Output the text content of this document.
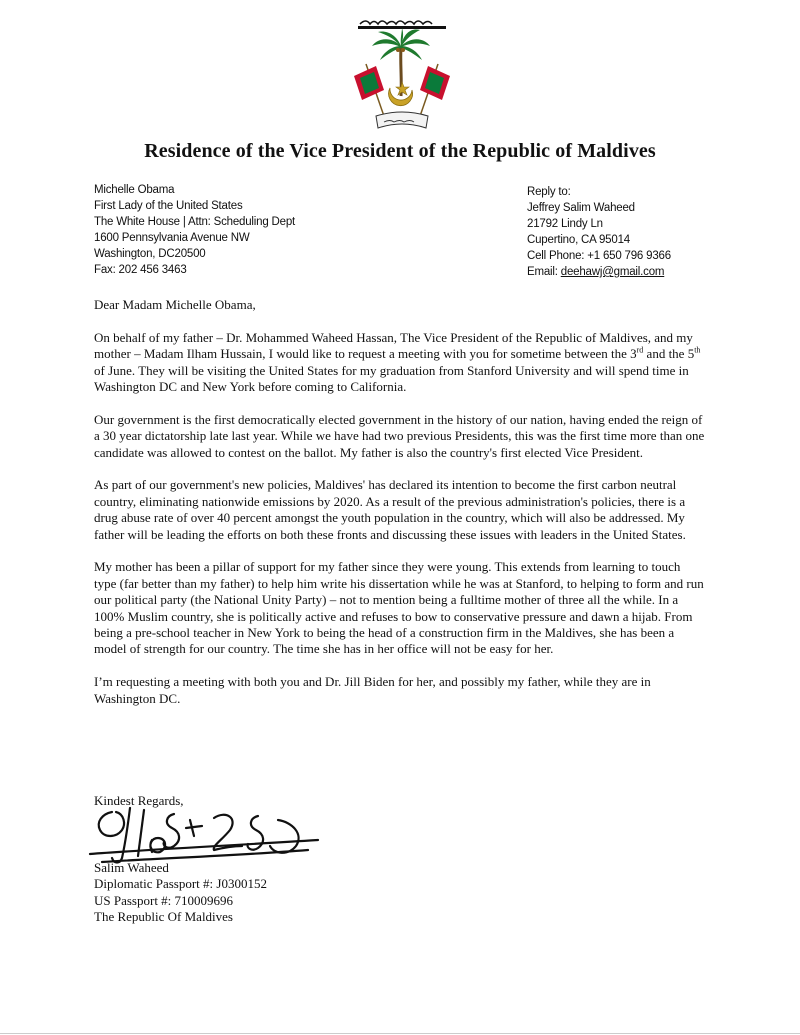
Residence of the Vice President of the Republic of Maldives
Michelle Obama
First Lady of the United States
The White House | Attn: Scheduling Dept
1600 Pennsylvania Avenue NW
Washington, DC20500
Fax: 202 456 3463
Reply to:
Jeffrey Salim Waheed
21792 Lindy Ln
Cupertino, CA 95014
Cell Phone: +1 650 796 9366
Email: deehawj@gmail.com

Dear Madam Michelle Obama,

On behalf of my father – Dr. Mohammed Waheed Hassan, The Vice President of the Republic of Maldives, and my mother – Madam Ilham Hussain, I would like to request a meeting with you for sometime between the 3rd and the 5th of June. They will be visiting the United States for my graduation from Stanford University and will spend time in Washington DC and New York before coming to California.

Our government is the first democratically elected government in the history of our nation, having ended the reign of a 30 year dictatorship late last year. While we have had two previous Presidents, this was the first time more than one candidate was allowed to contest on the ballot. My father is also the country's first elected Vice President.

As part of our government's new policies, Maldives' has declared its intention to become the first carbon neutral country, eliminating nationwide emissions by 2020. As a result of the previous administration's policies, there is a drug abuse rate of over 40 percent amongst the youth population in the country, which will also be addressed. My father will be leading the efforts on both these fronts and discussing these issues with leaders in the United States.

My mother has been a pillar of support for my father since they were young. This extends from learning to touch type (far better than my father) to help him write his dissertation while he was at Stanford, to helping to form and run our political party (the National Unity Party) – not to mention being a fulltime mother of three all the while. In a 100% Muslim country, she is politically active and refuses to bow to conservative pressure and dawn a hijab. From being a pre-school teacher in New York to being the head of a construction firm in the Maldives, she has been a model of strength for our country. The time she has in her office will not be easy for her.

I’m requesting a meeting with both you and Dr. Jill Biden for her, and possibly my father, while they are in Washington DC.

Kindest Regards,
Salim Waheed
Diplomatic Passport #: J0300152
US Passport #: 710009696
The Republic Of Maldives
